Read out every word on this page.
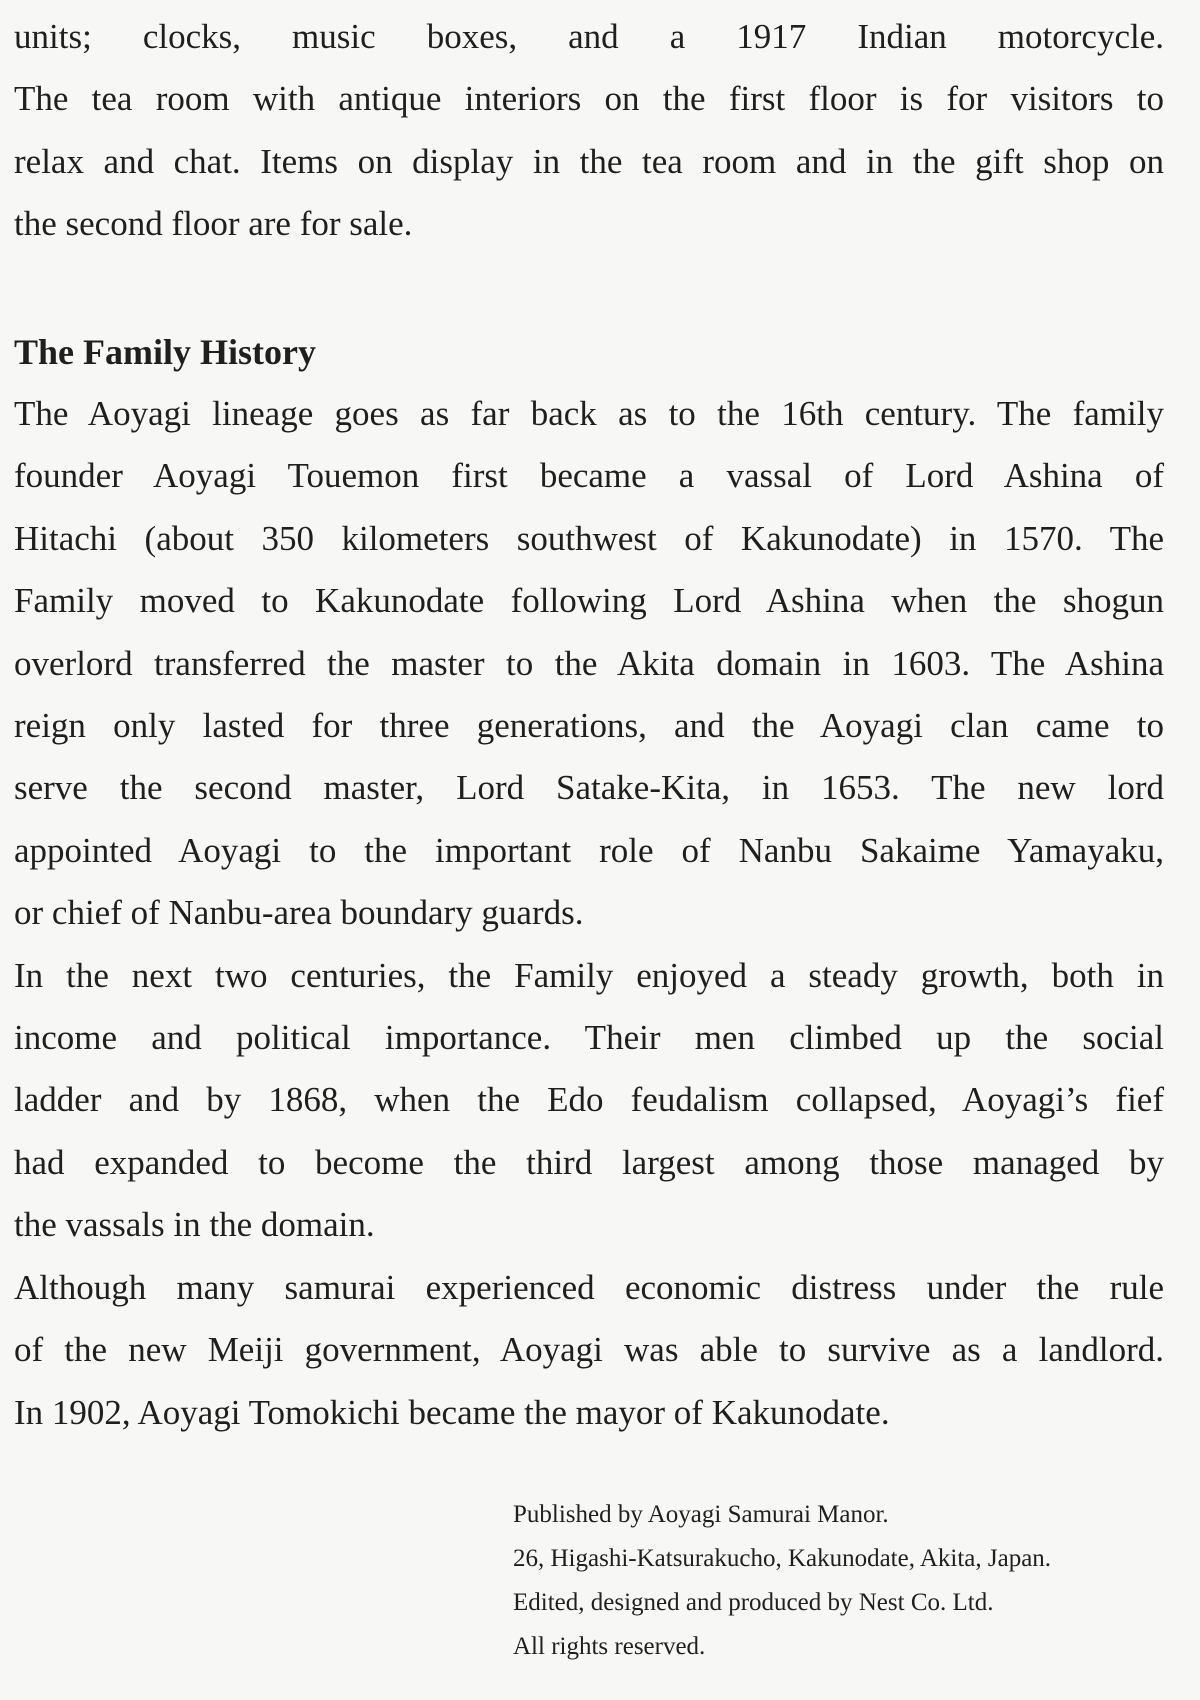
units; clocks, music boxes, and a 1917 Indian motorcycle.
The tea room with antique interiors on the first floor is for visitors to
relax and chat. Items on display in the tea room and in the gift shop on
the second floor are for sale.
The Family History
The Aoyagi lineage goes as far back as to the 16th century. The family
founder Aoyagi Touemon first became a vassal of Lord Ashina of
Hitachi (about 350 kilometers southwest of Kakunodate) in 1570. The
Family moved to Kakunodate following Lord Ashina when the shogun
overlord transferred the master to the Akita domain in 1603. The Ashina
reign only lasted for three generations, and the Aoyagi clan came to
serve the second master, Lord Satake-Kita, in 1653. The new lord
appointed Aoyagi to the important role of Nanbu Sakaime Yamayaku,
or chief of Nanbu-area boundary guards.
In the next two centuries, the Family enjoyed a steady growth, both in
income and political importance. Their men climbed up the social
ladder and by 1868, when the Edo feudalism collapsed, Aoyagi’s fief
had expanded to become the third largest among those managed by
the vassals in the domain.
Although many samurai experienced economic distress under the rule
of the new Meiji government, Aoyagi was able to survive as a landlord.
In 1902, Aoyagi Tomokichi became the mayor of Kakunodate.
Published by Aoyagi Samurai Manor.
26, Higashi-Katsurakucho, Kakunodate, Akita, Japan.
Edited, designed and produced by Nest Co. Ltd.
All rights reserved.
